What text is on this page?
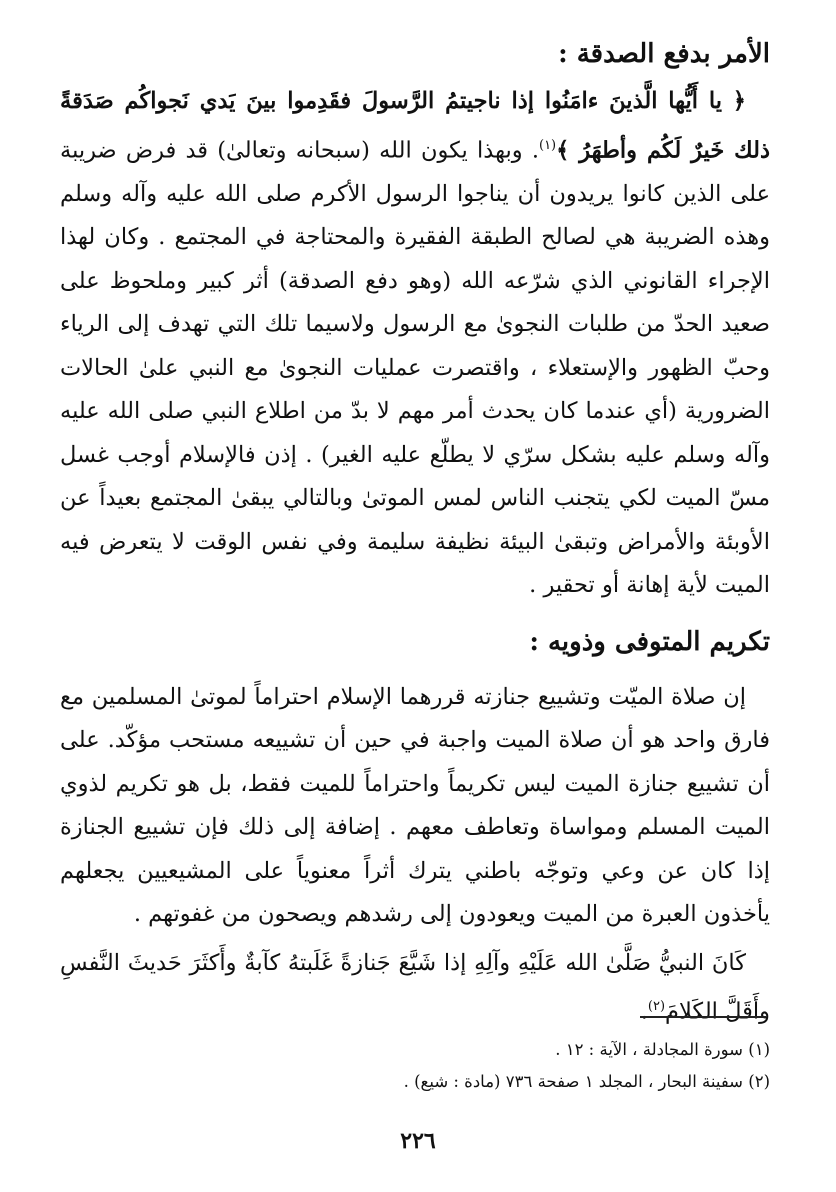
الأمر بدفع الصدقة :

﴿ يا أَيُّها الَّذينَ ءامَنُوا إذا ناجيتمُ الرَّسولَ فقَدِموا بينَ يَدي نَجواكُم صَدَقةً ذلك خَيرٌ لَكُم وأطهَرُ ﴾$^{(١)}$. وبهذا يكون الله (سبحانه وتعالىٰ) قد فرض ضريبة على الذين كانوا يريدون أن يناجوا الرسول الأكرم صلى الله عليه وآله وسلم وهذه الضريبة هي لصالح الطبقة الفقيرة والمحتاجة في المجتمع . وكان لهذا الإجراء القانوني الذي شرّعه الله (وهو دفع الصدقة) أثر كبير وملحوظ على صعيد الحدّ من طلبات النجوىٰ مع الرسول ولاسيما تلك التي تهدف إلى الرياء وحبّ الظهور والإستعلاء ، واقتصرت عمليات النجوىٰ مع النبي علىٰ الحالات الضرورية (أي عندما كان يحدث أمر مهم لا بدّ من اطلاع النبي صلى الله عليه وآله وسلم عليه بشكل سرّي لا يطلّع عليه الغير) . إذن فالإسلام أوجب غسل مسّ الميت لكي يتجنب الناس لمس الموتىٰ وبالتالي يبقىٰ المجتمع بعيداً عن الأوبئة والأمراض وتبقىٰ البيئة نظيفة سليمة وفي نفس الوقت لا يتعرض فيه الميت لأية إهانة أو تحقير .

تكريم المتوفى وذويه :

إن صلاة الميّت وتشييع جنازته قررهما الإسلام احتراماً لموتىٰ المسلمين مع فارق واحد هو أن صلاة الميت واجبة في حين أن تشييعه مستحب مؤكّد. على أن تشييع جنازة الميت ليس تكريماً واحتراماً للميت فقط، بل هو تكريم لذوي الميت المسلم ومواساة وتعاطف معهم . إضافة إلى ذلك فإن تشييع الجنازة إذا كان عن وعي وتوجّه باطني يترك أثراً معنوياً على المشيعيين يجعلهم يأخذون العبرة من الميت ويعودون إلى رشدهم ويصحون من غفوتهم .

كَانَ النبيُّ صَلَّىٰ الله عَلَيْهِ وآلِهِ إذا شَيَّعَ جَنازةً غَلَبتهُ كآبةٌ وأَكثَرَ حَديثَ النَّفسِ وأَقَلَّ الكَلامَ$^{(٢)}$.

(١) سورة المجادلة ، الآية : ١٢ .
(٢) سفينة البحار ، المجلد ١ صفحة ٧٣٦ (مادة : شيع) .
٢٢٦
